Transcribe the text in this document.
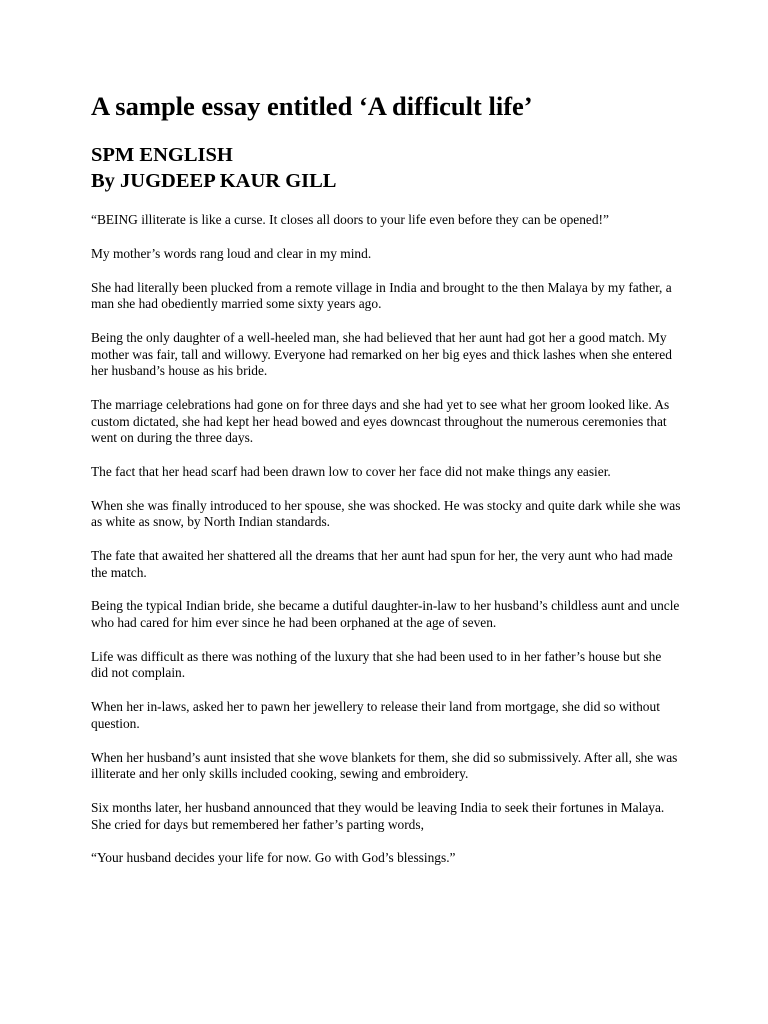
A sample essay entitled ‘A difficult life’
SPM ENGLISH
By JUGDEEP KAUR GILL

“BEING illiterate is like a curse. It closes all doors to your life even before they can be opened!”

My mother’s words rang loud and clear in my mind.

She had literally been plucked from a remote village in India and brought to the then Malaya by my father, a man she had obediently married some sixty years ago.

Being the only daughter of a well-heeled man, she had believed that her aunt had got her a good match. My mother was fair, tall and willowy. Everyone had remarked on her big eyes and thick lashes when she entered her husband’s house as his bride.

The marriage celebrations had gone on for three days and she had yet to see what her groom looked like. As custom dictated, she had kept her head bowed and eyes downcast throughout the numerous ceremonies that went on during the three days.

The fact that her head scarf had been drawn low to cover her face did not make things any easier.

When she was finally introduced to her spouse, she was shocked. He was stocky and quite dark while she was as white as snow, by North Indian standards.

The fate that awaited her shattered all the dreams that her aunt had spun for her, the very aunt who had made the match.

Being the typical Indian bride, she became a dutiful daughter-in-law to her husband’s childless aunt and uncle who had cared for him ever since he had been orphaned at the age of seven.

Life was difficult as there was nothing of the luxury that she had been used to in her father’s house but she did not complain.

When her in-laws, asked her to pawn her jewellery to release their land from mortgage, she did so without question.

When her husband’s aunt insisted that she wove blankets for them, she did so submissively. After all, she was illiterate and her only skills included cooking, sewing and embroidery.

Six months later, her husband announced that they would be leaving India to seek their fortunes in Malaya. She cried for days but remembered her father’s parting words,

“Your husband decides your life for now. Go with God’s blessings.”
